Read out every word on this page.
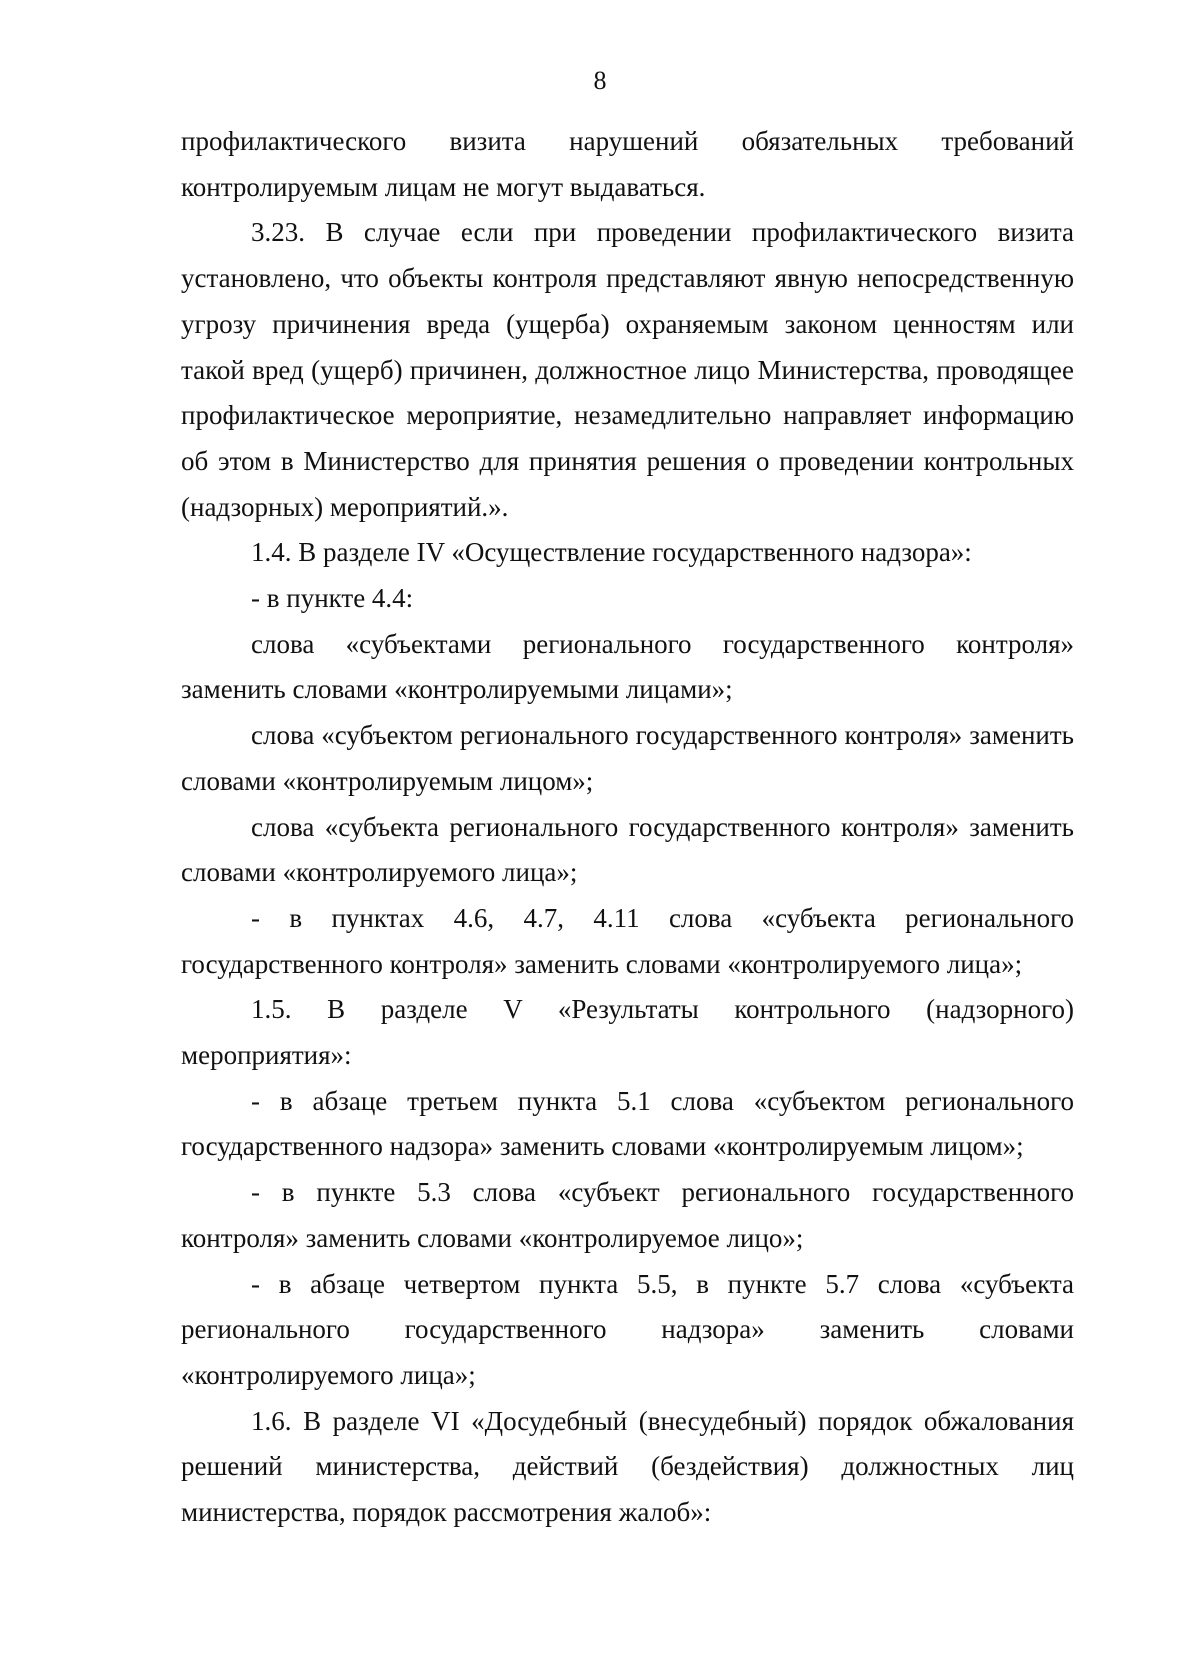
8

профилактического визита нарушений обязательных требований контролируемым лицам не могут выдаваться.

3.23. В случае если при проведении профилактического визита установлено, что объекты контроля представляют явную непосредственную угрозу причинения вреда (ущерба) охраняемым законом ценностям или такой вред (ущерб) причинен, должностное лицо Министерства, проводящее профилактическое мероприятие, незамедлительно направляет информацию об этом в Министерство для принятия решения о проведении контрольных (надзорных) мероприятий.».

1.4. В разделе IV «Осуществление государственного надзора»:

- в пункте 4.4:

слова «субъектами регионального государственного контроля» заменить словами «контролируемыми лицами»;

слова «субъектом регионального государственного контроля» заменить словами «контролируемым лицом»;

слова «субъекта регионального государственного контроля» заменить словами «контролируемого лица»;

- в пунктах 4.6, 4.7, 4.11 слова «субъекта регионального государственного контроля» заменить словами «контролируемого лица»;

1.5. В разделе V «Результаты контрольного (надзорного) мероприятия»:

- в абзаце третьем пункта 5.1 слова «субъектом регионального государственного надзора» заменить словами «контролируемым лицом»;

- в пункте 5.3 слова «субъект регионального государственного контроля» заменить словами «контролируемое лицо»;

- в абзаце четвертом пункта 5.5, в пункте 5.7 слова «субъекта регионального государственного надзора» заменить словами «контролируемого лица»;

1.6. В разделе VI «Досудебный (внесудебный) порядок обжалования решений министерства, действий (бездействия) должностных лиц министерства, порядок рассмотрения жалоб»:
